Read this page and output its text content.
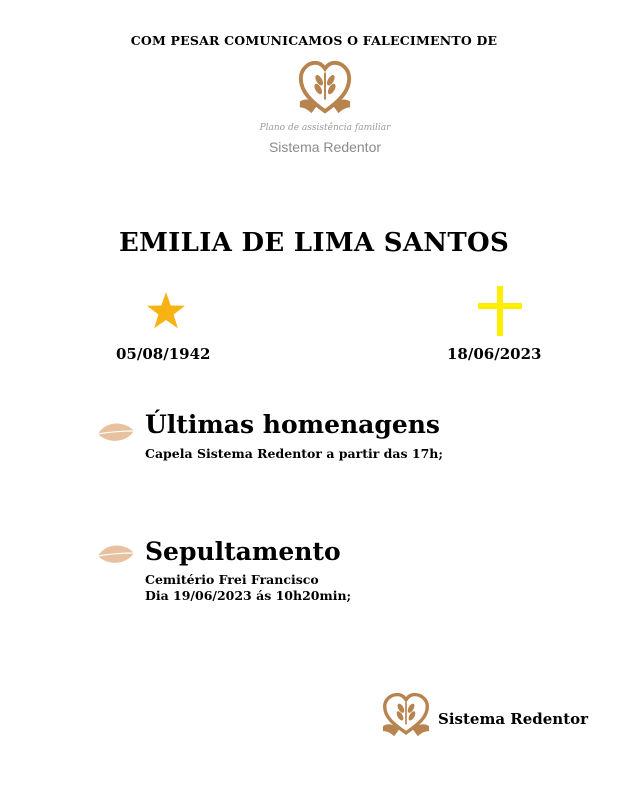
COM PESAR COMUNICAMOS O FALECIMENTO DE
Plano de assistência familiar
Sistema Redentor
EMILIA DE LIMA SANTOS
05/08/1942	18/06/2023
Últimas homenagens
Capela Sistema Redentor a partir das 17h;
Sepultamento
Cemitério Frei Francisco
Dia 19/06/2023 ás 10h20min;
Sistema Redentor
